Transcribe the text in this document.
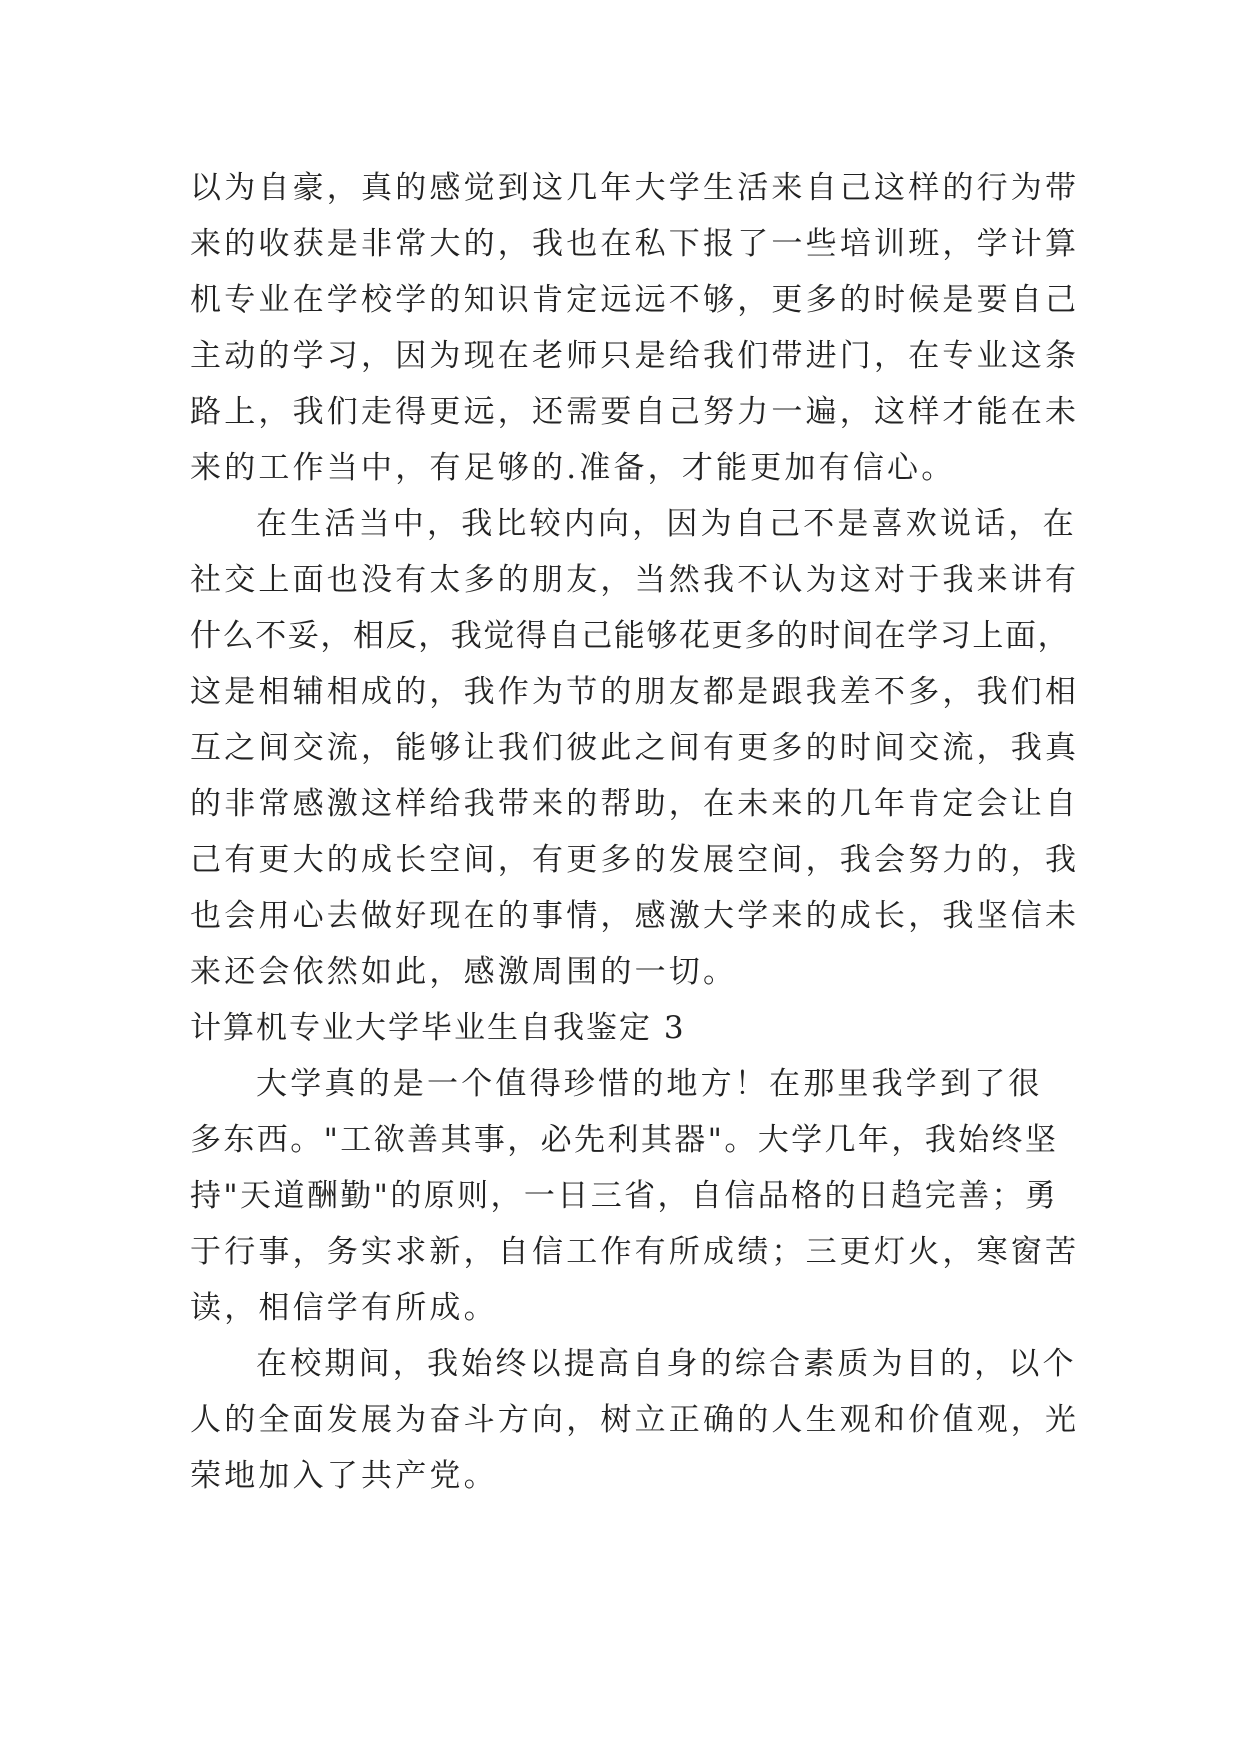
以为自豪，真的感觉到这几年大学生活来自己这样的行为带
来的收获是非常大的，我也在私下报了一些培训班，学计算
机专业在学校学的知识肯定远远不够，更多的时候是要自己
主动的学习，因为现在老师只是给我们带进门，在专业这条
路上，我们走得更远，还需要自己努力一遍，这样才能在未
来的工作当中，有足够的.准备，才能更加有信心。

在生活当中，我比较内向，因为自己不是喜欢说话，在
社交上面也没有太多的朋友，当然我不认为这对于我来讲有
什么不妥，相反，我觉得自己能够花更多的时间在学习上面，
这是相辅相成的，我作为节的朋友都是跟我差不多，我们相
互之间交流，能够让我们彼此之间有更多的时间交流，我真
的非常感激这样给我带来的帮助，在未来的几年肯定会让自
己有更大的成长空间，有更多的发展空间，我会努力的，我
也会用心去做好现在的事情，感激大学来的成长，我坚信未
来还会依然如此，感激周围的一切。

计算机专业大学毕业生自我鉴定 3

大学真的是一个值得珍惜的地方！在那里我学到了很
多东西。"工欲善其事，必先利其器"。大学几年，我始终坚
持"天道酬勤"的原则，一日三省，自信品格的日趋完善；勇
于行事，务实求新，自信工作有所成绩；三更灯火，寒窗苦
读，相信学有所成。

在校期间，我始终以提高自身的综合素质为目的，以个
人的全面发展为奋斗方向，树立正确的人生观和价值观，光
荣地加入了共产党。
